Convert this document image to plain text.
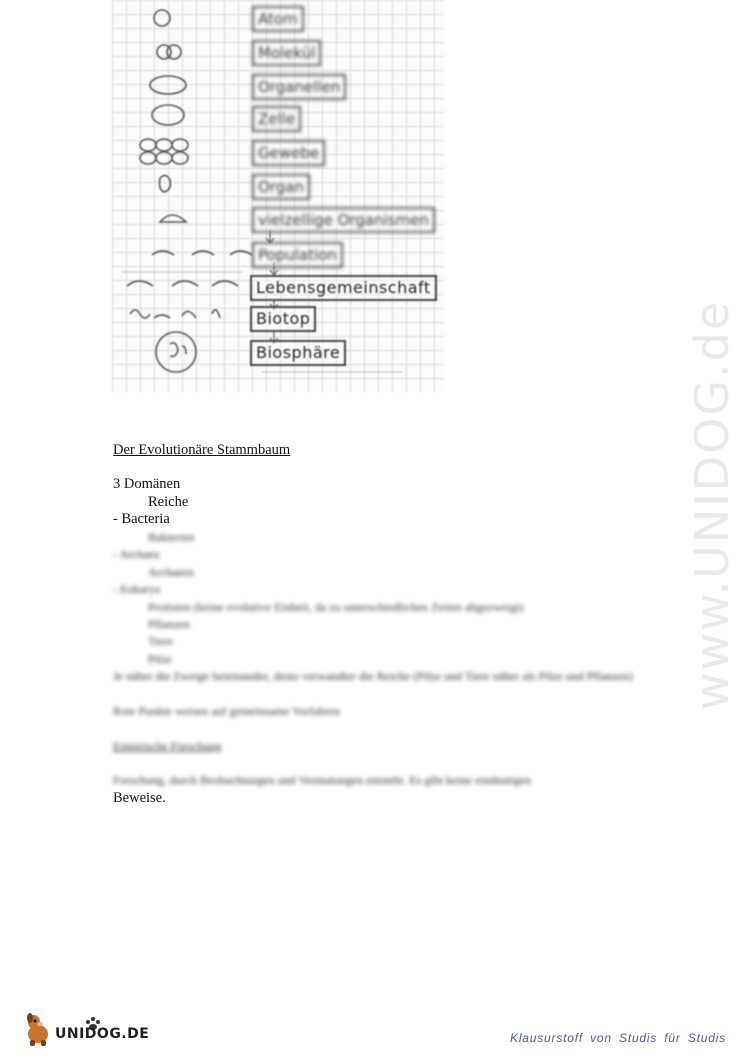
Atom
Molekül
Organellen
Zelle
Gewebe
Organ
vielzellige Organismen
Population
Lebensgemeinschaft
Biotop
Biosphäre
Der Evolutionäre Stammbaum
3 Domänen
Reiche
- Bacteria
Bakterien
- Archaea
Archaeen
- Eukarya
Protisten (keine evolutive Einheit, da zu unterschiedlichen Zeiten abgezweigt)
Pflanzen
Tiere
Pilze
Je näher die Zweige beieinander, desto verwandter die Reiche (Pilze und Tiere näher als Pilze und Pflanzen)
Rote Punkte weisen auf gemeinsame Vorfahren
Empirische Forschung
Forschung, durch Beobachtungen und Vermutungen entsteht. Es gibt keine eindeutigen
Beweise.
www.UNIDOG.de
UNIDOG.DE	Klausurstoff von Studis für Studis
